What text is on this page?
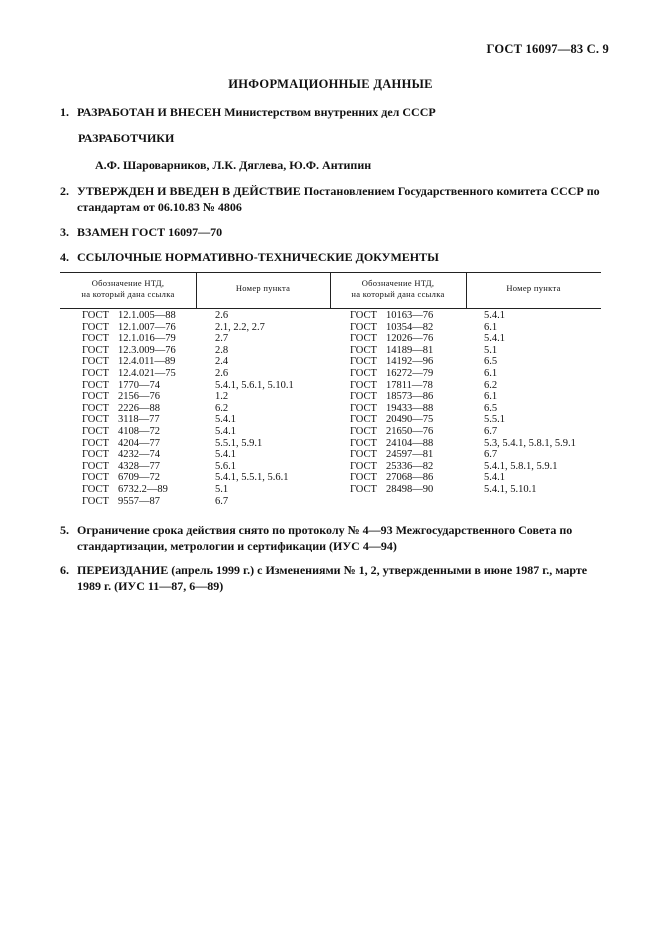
ГОСТ 16097—83 С. 9
ИНФОРМАЦИОННЫЕ ДАННЫЕ
1. РАЗРАБОТАН И ВНЕСЕН Министерством внутренних дел СССР
РАЗРАБОТЧИКИ
А.Ф. Шароварников, Л.К. Дяглева, Ю.Ф. Антипин
2. УТВЕРЖДЕН И ВВЕДЕН В ДЕЙСТВИЕ Постановлением Государственного комитета СССР по стандартам от 06.10.83 № 4806
3. ВЗАМЕН ГОСТ 16097—70
4. ССЫЛОЧНЫЕ НОРМАТИВНО-ТЕХНИЧЕСКИЕ ДОКУМЕНТЫ
Обозначение НТД,
на который дана ссылка
Номер пункта	Обозначение НТД,
на который дана ссылка
Номер пункта
ГОСТ 12.1.005—88
ГОСТ 12.1.007—76
ГОСТ 12.1.016—79
ГОСТ 12.3.009—76
ГОСТ 12.4.011—89
ГОСТ 12.4.021—75
ГОСТ 1770—74
ГОСТ 2156—76
ГОСТ 2226—88
ГОСТ 3118—77
ГОСТ 4108—72
ГОСТ 4204—77
ГОСТ 4232—74
ГОСТ 4328—77
ГОСТ 6709—72
ГОСТ 6732.2—89
ГОСТ 9557—87
2.6
2.1, 2.2, 2.7
2.7
2.8
2.4
2.6
5.4.1, 5.6.1, 5.10.1
1.2
6.2
5.4.1
5.4.1
5.5.1, 5.9.1
5.4.1
5.6.1
5.4.1, 5.5.1, 5.6.1
5.1
6.7
ГОСТ 10163—76
ГОСТ 10354—82
ГОСТ 12026—76
ГОСТ 14189—81
ГОСТ 14192—96
ГОСТ 16272—79
ГОСТ 17811—78
ГОСТ 18573—86
ГОСТ 19433—88
ГОСТ 20490—75
ГОСТ 21650—76
ГОСТ 24104—88
ГОСТ 24597—81
ГОСТ 25336—82
ГОСТ 27068—86
ГОСТ 28498—90
5.4.1
6.1
5.4.1
5.1
6.5
6.1
6.2
6.1
6.5
5.5.1
6.7
5.3, 5.4.1, 5.8.1, 5.9.1
6.7
5.4.1, 5.8.1, 5.9.1
5.4.1
5.4.1, 5.10.1
5. Ограничение срока действия снято по протоколу № 4—93 Межгосударственного Совета по стандартизации, метрологии и сертификации (ИУС 4—94)
6. ПЕРЕИЗДАНИЕ (апрель 1999 г.) с Изменениями № 1, 2, утвержденными в июне 1987 г., марте 1989 г. (ИУС 11—87, 6—89)
